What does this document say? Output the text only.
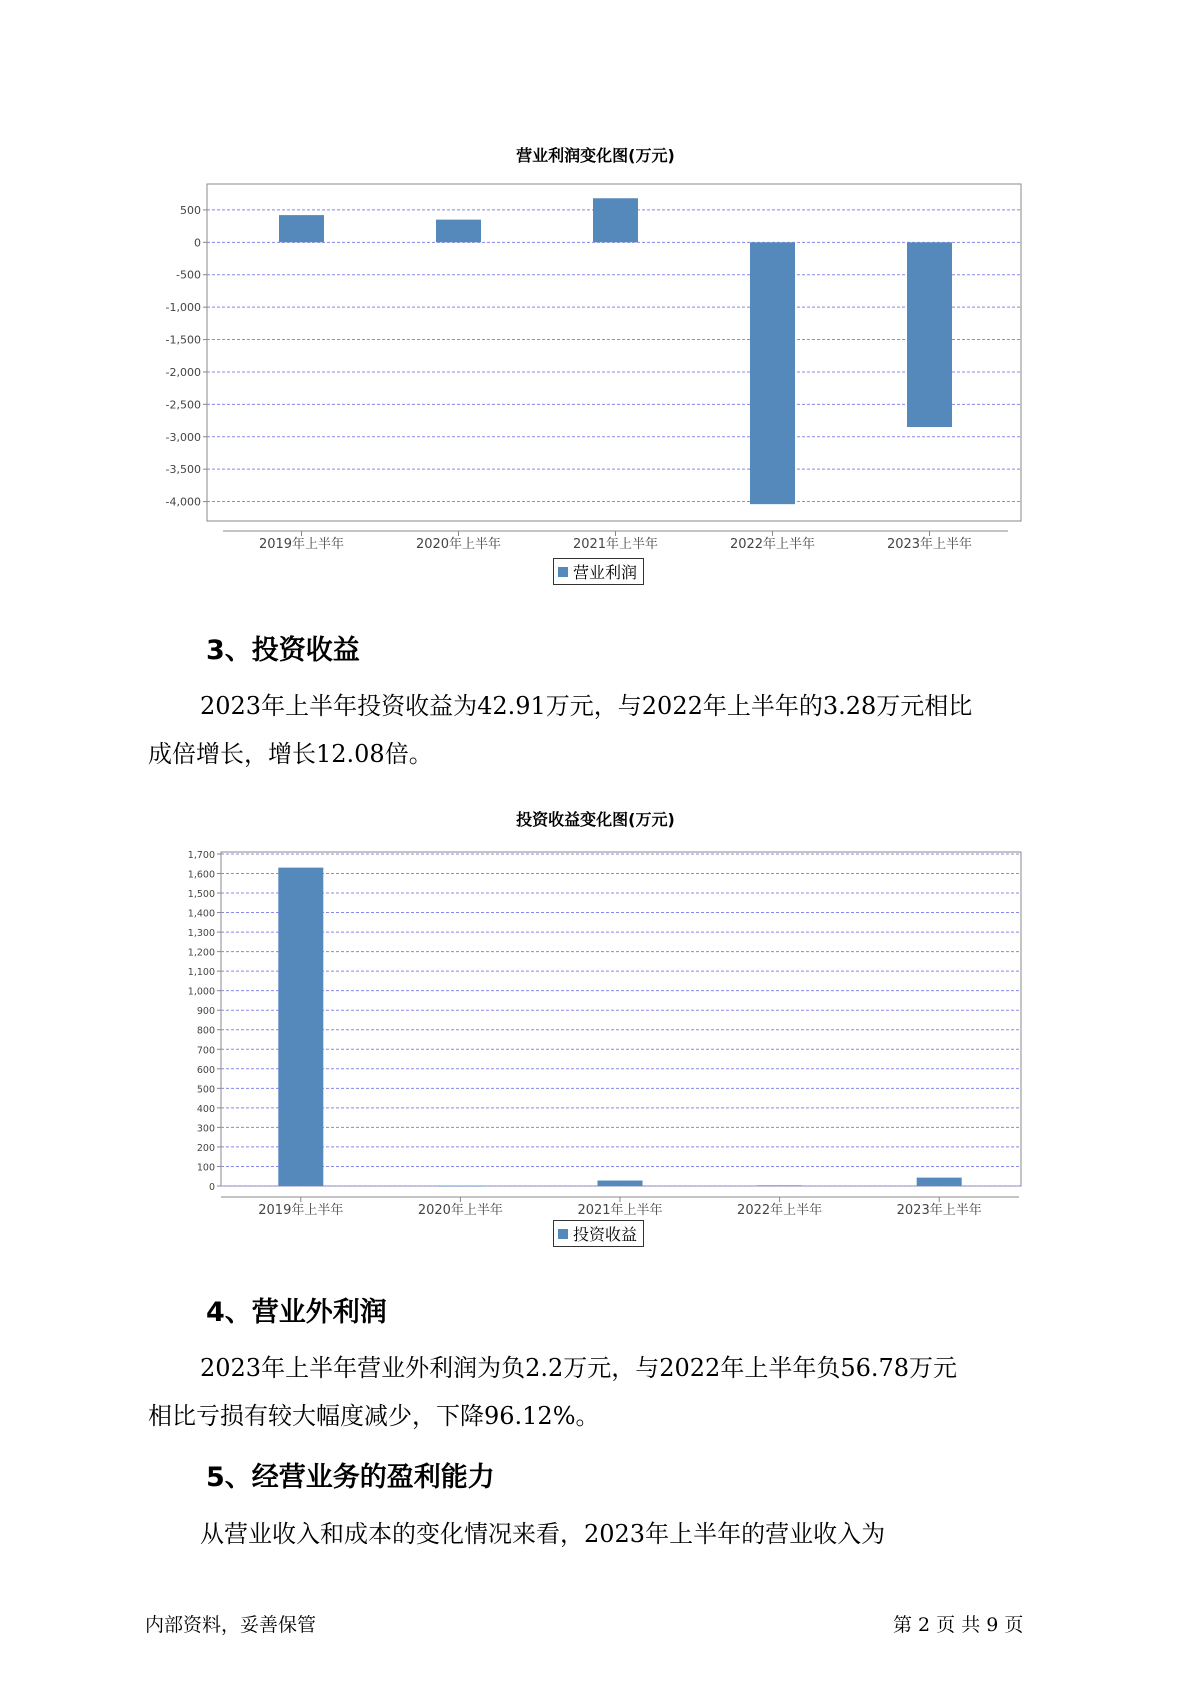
营业利润变化图(万元)
500
0
-500
-1,000
-1,500
-2,000
-2,500
-3,000
-3,500
-4,000
2019年上半年	2020年上半年	2021年上半年	2022年上半年	2023年上半年
营业利润
3、投资收益

2023年上半年投资收益为42.91万元，与2022年上半年的3.28万元相比
成倍增长，增长12.08倍。

投资收益变化图(万元)
1,700
1,600
1,500
1,400
1,300
1,200
1,100
1,000
900
800
700
600
500
400
300
200
100
0
2019年上半年	2020年上半年	2021年上半年	2022年上半年	2023年上半年
投资收益
4、营业外利润

2023年上半年营业外利润为负2.2万元，与2022年上半年负56.78万元
相比亏损有较大幅度减少，下降96.12%。

5、经营业务的盈利能力

从营业收入和成本的变化情况来看，2023年上半年的营业收入为

内部资料，妥善保管	第 2 页 共 9 页
